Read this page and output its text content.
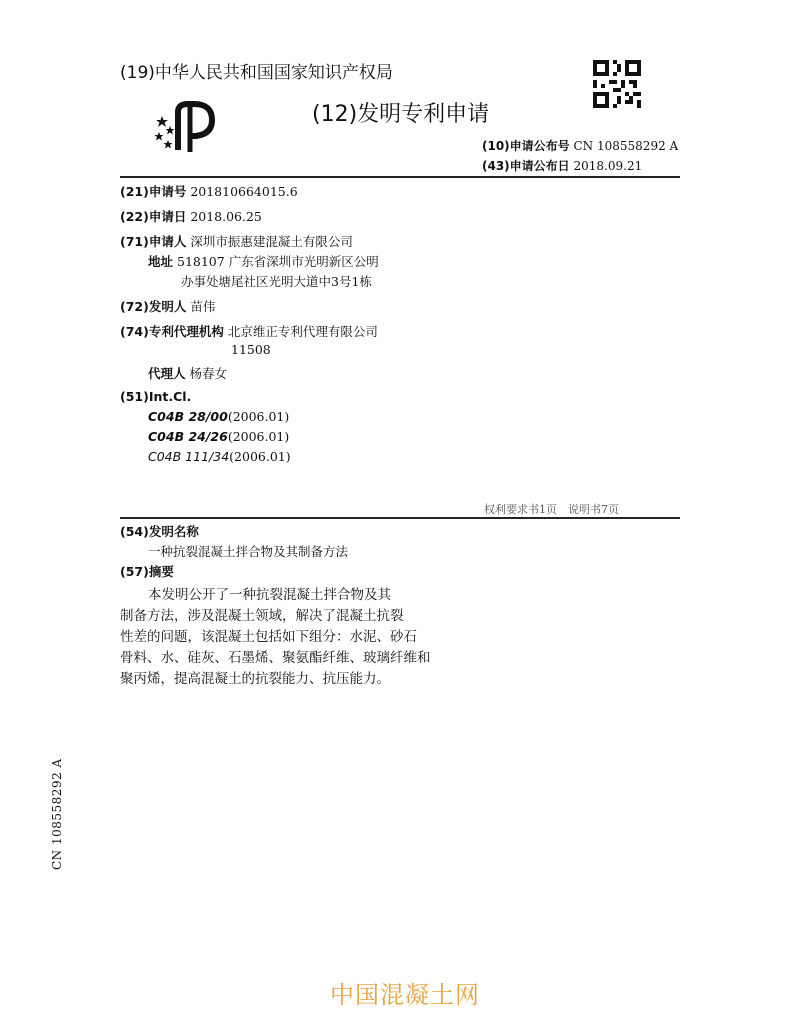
(19)中华人民共和国国家知识产权局
(12)发明专利申请
(10)申请公布号 CN 108558292 A
(43)申请公布日 2018.09.21
(21)申请号 201810664015.6
(22)申请日 2018.06.25
(71)申请人 深圳市振惠建混凝土有限公司
地址 518107 广东省深圳市光明新区公明
办事处塘尾社区光明大道中3号1栋
(72)发明人 苗伟
(74)专利代理机构 北京维正专利代理有限公司
11508
代理人 杨春女
(51)Int.Cl.
C04B 28/00(2006.01)
C04B 24/26(2006.01)
C04B 111/34(2006.01)
权利要求书1页　说明书7页
(54)发明名称
一种抗裂混凝土拌合物及其制备方法
(57)摘要
本发明公开了一种抗裂混凝土拌合物及其
制备方法，涉及混凝土领域，解决了混凝土抗裂
性差的问题，该混凝土包括如下组分：水泥、砂石
骨料、水、硅灰、石墨烯、聚氨酯纤维、玻璃纤维和
聚丙烯，提高混凝土的抗裂能力、抗压能力。
CN 108558292 A
中国混凝土网
